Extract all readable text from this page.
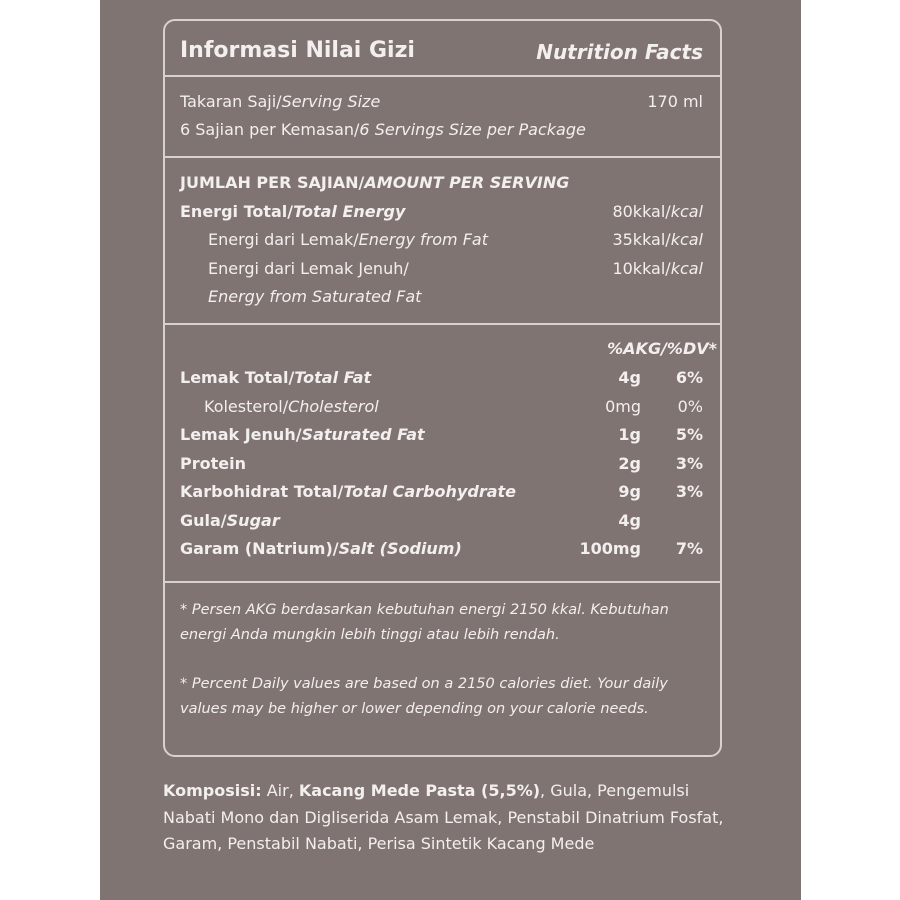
Informasi Nilai Gizi	Nutrition Facts
Takaran Saji/Serving Size	170 ml
6 Sajian per Kemasan/6 Servings Size per Package
JUMLAH PER SAJIAN/AMOUNT PER SERVING
Energi Total/Total Energy	80kkal/kcal
Energi dari Lemak/Energy from Fat	35kkal/kcal
Energi dari Lemak Jenuh/	10kkal/kcal
Energy from Saturated Fat
%AKG/%DV*
Lemak Total/Total Fat	4g 6%
Kolesterol/Cholesterol	0mg 0%
Lemak Jenuh/Saturated Fat	1g 5%
Protein	2g 3%
Karbohidrat Total/Total Carbohydrate	9g 3%
Gula/Sugar	4g
Garam (Natrium)/Salt (Sodium)	100mg 7%
* Persen AKG berdasarkan kebutuhan energi 2150 kkal. Kebutuhan energi Anda mungkin lebih tinggi atau lebih rendah.
* Percent Daily values are based on a 2150 calories diet. Your daily values may be higher or lower depending on your calorie needs.
Komposisi: Air, Kacang Mede Pasta (5,5%), Gula, Pengemulsi Nabati Mono dan Digliserida Asam Lemak, Penstabil Dinatrium Fosfat, Garam, Penstabil Nabati, Perisa Sintetik Kacang Mede
